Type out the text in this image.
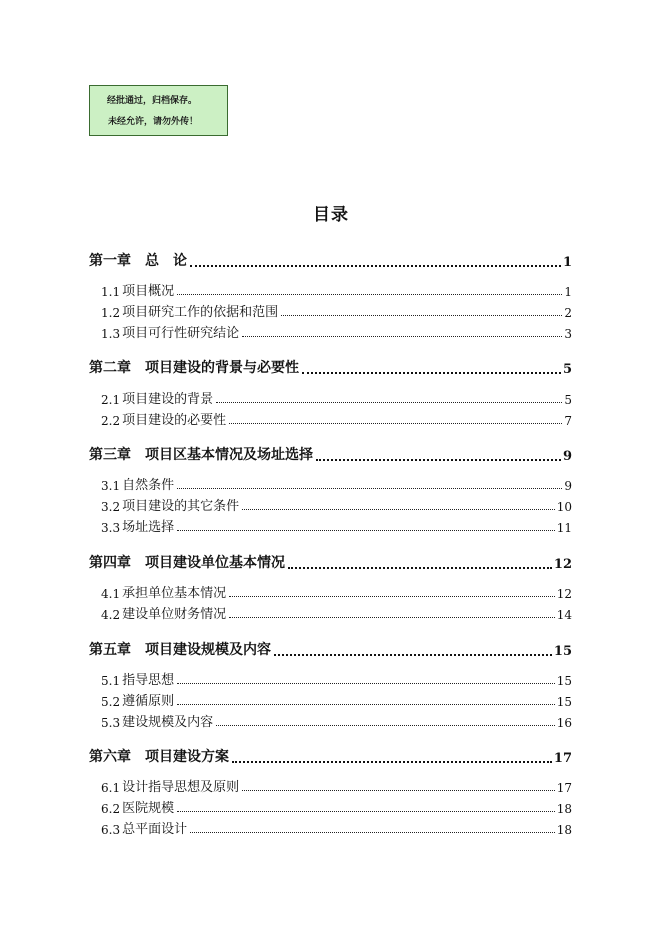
经批通过，归档保存。
未经允许，请勿外传！
目录
第一章　总　论	1
1.1 项目概况	1
1.2 项目研究工作的依据和范围	2
1.3 项目可行性研究结论	3
第二章　项目建设的背景与必要性	5
2.1 项目建设的背景	5
2.2 项目建设的必要性	7
第三章　项目区基本情况及场址选择	9
3.1 自然条件	9
3.2 项目建设的其它条件	10
3.3 场址选择	11
第四章　项目建设单位基本情况	12
4.1 承担单位基本情况	12
4.2 建设单位财务情况	14
第五章　项目建设规模及内容	15
5.1 指导思想	15
5.2 遵循原则	15
5.3 建设规模及内容	16
第六章　项目建设方案	17
6.1 设计指导思想及原则	17
6.2 医院规模	18
6.3 总平面设计	18
